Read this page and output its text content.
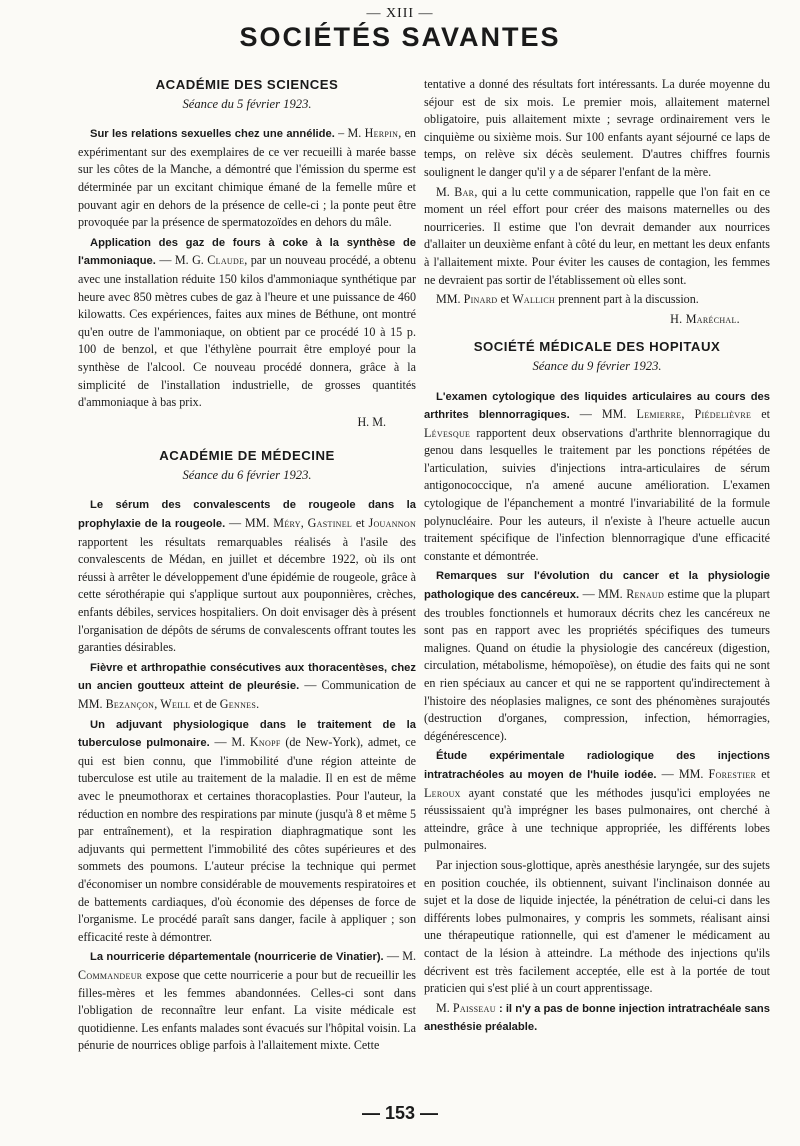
— XIII —
SOCIÉTÉS SAVANTES
ACADÉMIE DES SCIENCES
Séance du 5 février 1923.

Sur les relations sexuelles chez une annélide. – M. Herpin, en expérimentant sur des exemplaires de ce ver recueilli à marée basse sur les côtes de la Manche, a démontré que l'émission du sperme est déterminée par un excitant chimique émané de la femelle mûre et pouvant agir en dehors de la présence de celle-ci ; la ponte peut être provoquée par la présence de spermatozoïdes en dehors du mâle.

Application des gaz de fours à coke à la synthèse de l'ammoniaque. — M. G. Claude, par un nouveau procédé, a obtenu avec une installation réduite 150 kilos d'ammoniaque synthétique par heure avec 850 mètres cubes de gaz à l'heure et une puissance de 460 kilowatts. Ces expériences, faites aux mines de Béthune, ont montré qu'en outre de l'ammoniaque, on obtient par ce procédé 10 à 15 p. 100 de benzol, et que l'éthylène pourrait être employé pour la synthèse de l'alcool. Ce nouveau procédé donnera, grâce à la simplicité de l'installation industrielle, de grosses quantités d'ammoniaque à bas prix.

H. M.

ACADÉMIE DE MÉDECINE
Séance du 6 février 1923.

Le sérum des convalescents de rougeole dans la prophylaxie de la rougeole. — MM. Méry, Gastinel et Jouannon rapportent les résultats remarquables réalisés à l'asile des convalescents de Médan, en juillet et décembre 1922, où ils ont réussi à arrêter le développement d'une épidémie de rougeole, grâce à cette sérothérapie qui s'applique surtout aux pouponnières, crèches, enfants débiles, services hospitaliers. On doit envisager dès à présent l'organisation de dépôts de sérums de convalescents offrant toutes les garanties désirables.

Fièvre et arthropathie consécutives aux thoracentèses, chez un ancien goutteux atteint de pleurésie. — Communication de MM. Bezançon, Weill et de Gennes.

Un adjuvant physiologique dans le traitement de la tuberculose pulmonaire. — M. Knopf (de New-York), admet, ce qui est bien connu, que l'immobilité d'une région atteinte de tuberculose est utile au traitement de la maladie. Il en est de même avec le pneumothorax et certaines thoracoplasties. Pour l'auteur, la réduction en nombre des respirations par minute (jusqu'à 8 et même 5 par entraînement), et la respiration diaphragmatique sont les adjuvants qui permettent l'immobilité des côtes supérieures et des sommets des poumons. L'auteur précise la technique qui permet d'économiser un nombre considérable de mouvements respiratoires et de battements cardiaques, d'où économie des dépenses de force de l'organisme. Le procédé paraît sans danger, facile à appliquer ; son efficacité reste à démontrer.

La nourricerie départementale (nourricerie de Vinatier). — M. Commandeur expose que cette nourricerie a pour but de recueillir les filles-mères et les femmes abandonnées. Celles-ci sont dans l'obligation de reconnaître leur enfant. La visite médicale est quotidienne. Les enfants malades sont évacués sur l'hôpital voisin. La pénurie de nourrices oblige parfois à l'allaitement mixte. Cette

tentative a donné des résultats fort intéressants. La durée moyenne du séjour est de six mois. Le premier mois, allaitement maternel obligatoire, puis allaitement mixte ; sevrage ordinairement vers le cinquième ou sixième mois. Sur 100 enfants ayant séjourné ce laps de temps, on relève six décès seulement. D'autres chiffres fournis soulignent le danger qu'il y a de séparer l'enfant de la mère.

M. Bar, qui a lu cette communication, rappelle que l'on fait en ce moment un réel effort pour créer des maisons maternelles ou des nourriceries. Il estime que l'on devrait demander aux nourrices d'allaiter un deuxième enfant à côté du leur, en mettant les deux enfants à l'allaitement mixte. Pour éviter les causes de contagion, les femmes ne devraient pas sortir de l'établissement où elles sont.

MM. Pinard et Wallich prennent part à la discussion.

H. Maréchal.

SOCIÉTÉ MÉDICALE DES HOPITAUX
Séance du 9 février 1923.

L'examen cytologique des liquides articulaires au cours des arthrites blennorragiques. — MM. Lemierre, Piédelièvre et Lévesque rapportent deux observations d'arthrite blennorragique du genou dans lesquelles le traitement par les ponctions répétées de l'articulation, suivies d'injections intra-articulaires de sérum antigonococcique, n'a amené aucune amélioration. L'examen cytologique de l'épanchement a montré l'invariabilité de la formule polynucléaire. Pour les auteurs, il n'existe à l'heure actuelle aucun traitement spécifique de l'infection blennorragique d'une efficacité constante et démontrée.

Remarques sur l'évolution du cancer et la physiologie pathologique des cancéreux. — MM. Renaud estime que la plupart des troubles fonctionnels et humoraux décrits chez les cancéreux ne sont pas en rapport avec les propriétés spécifiques des tumeurs malignes. Quand on étudie la physiologie des cancéreux (digestion, circulation, métabolisme, hémopoïèse), on étudie des faits qui ne sont en rien spéciaux au cancer et qui ne se rapportent qu'indirectement à l'histoire des néoplasies malignes, ce sont des phénomènes surajoutés (destruction d'organes, compression, infection, hémorragies, dégénérescence).

Étude expérimentale radiologique des injections intratrachéoles au moyen de l'huile iodée. — MM. Forestier et Leroux ayant constaté que les méthodes jusqu'ici employées ne réussissaient qu'à imprégner les bases pulmonaires, ont cherché à atteindre, grâce à une technique appropriée, les différents lobes pulmonaires.

Par injection sous-glottique, après anesthésie laryngée, sur des sujets en position couchée, ils obtiennent, suivant l'inclinaison donnée au sujet et la dose de liquide injectée, la pénétration de celui-ci dans les différents lobes pulmonaires, y compris les sommets, réalisant ainsi une thérapeutique rationnelle, qui est d'amener le médicament au contact de la lésion à atteindre. La méthode des injections qu'ils décrivent est très facilement acceptée, elle est à la portée de tout praticien qui s'est plié à un court apprentissage.

M. Paisseau : il n'y a pas de bonne injection intratrachéale sans anesthésie préalable.

— 153 —
